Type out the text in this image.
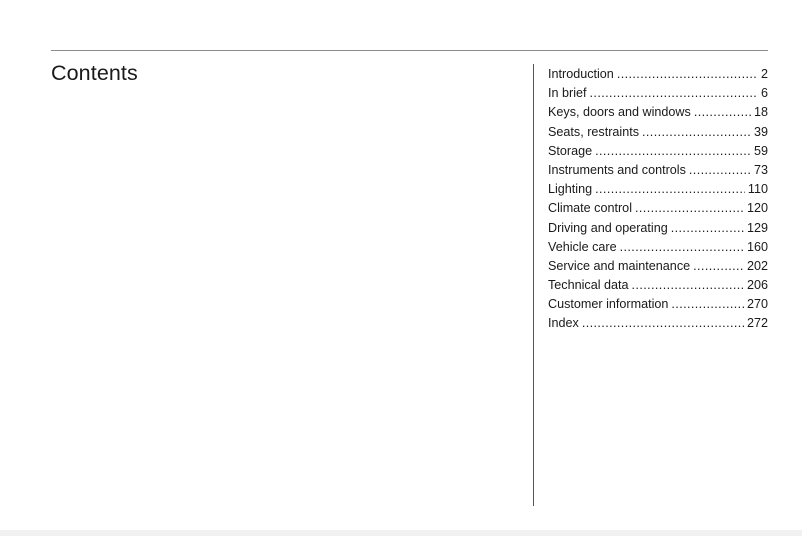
Contents	Introduction .....	2
In brief .....	6
Keys, doors and windows .....	18
Seats, restraints .....	39
Storage .....	59
Instruments and controls .....	73
Lighting .....	110
Climate control .....	120
Driving and operating .....	129
Vehicle care .....	160
Service and maintenance .....	202
Technical data .....	206
Customer information .....	270
Index .....	272
